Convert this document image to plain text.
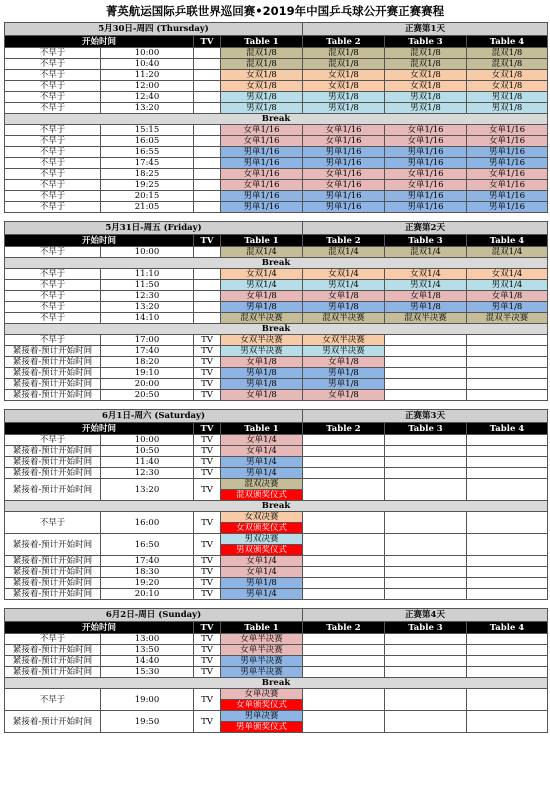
菁英航运国际乒联世界巡回赛•2019年中国乒乓球公开赛正赛赛程
5月30日-周四 (Thursday)				正赛第1天		
开始时间		TV	Table 1	Table 2	Table 3	Table 4
不早于	10:00		混双1/8	混双1/8	混双1/8	混双1/8
不早于	10:40		混双1/8	混双1/8	混双1/8	混双1/8
不早于	11:20		女双1/8	女双1/8	女双1/8	女双1/8
不早于	12:00		女双1/8	女双1/8	女双1/8	女双1/8
不早于	12:40		男双1/8	男双1/8	男双1/8	男双1/8
不早于	13:20		男双1/8	男双1/8	男双1/8	男双1/8
Break						
不早于	15:15		女单1/16	女单1/16	女单1/16	女单1/16
不早于	16:05		女单1/16	女单1/16	女单1/16	女单1/16
不早于	16:55		男单1/16	男单1/16	男单1/16	男单1/16
不早于	17:45		男单1/16	男单1/16	男单1/16	男单1/16
不早于	18:25		女单1/16	女单1/16	女单1/16	女单1/16
不早于	19:25		女单1/16	女单1/16	女单1/16	女单1/16
不早于	20:15		男单1/16	男单1/16	男单1/16	男单1/16
不早于	21:05		男单1/16	男单1/16	男单1/16	男单1/16

5月31日-周五 (Friday)				正赛第2天		
开始时间		TV	Table 1	Table 2	Table 3	Table 4
不早于	10:00		混双1/4	混双1/4	混双1/4	混双1/4
Break						
不早于	11:10		女双1/4	女双1/4	女双1/4	女双1/4
不早于	11:50		男双1/4	男双1/4	男双1/4	男双1/4
不早于	12:30		女单1/8	女单1/8	女单1/8	女单1/8
不早于	13:20		男单1/8	男单1/8	男单1/8	男单1/8
不早于	14:10		混双半决赛	混双半决赛	混双半决赛	混双半决赛
Break						
不早于	17:00	TV	女双半决赛	女双半决赛		
紧接着-预计开始时间	17:40	TV	男双半决赛	男双半决赛		
紧接着-预计开始时间	18:20	TV	女单1/8	女单1/8		
紧接着-预计开始时间	19:10	TV	男单1/8	男单1/8		
紧接着-预计开始时间	20:00	TV	男单1/8	男单1/8		
紧接着-预计开始时间	20:50	TV	女单1/8	女单1/8		

6月1日-周六 (Saturday)				正赛第3天		
开始时间		TV	Table 1	Table 2	Table 3	Table 4
不早于	10:00	TV	女单1/4			
紧接着-预计开始时间	10:50	TV	女单1/4			
紧接着-预计开始时间	11:40	TV	男单1/4			
紧接着-预计开始时间	12:30	TV	男单1/4			
紧接着-预计开始时间	13:20	TV	混双决赛			
			混双颁奖仪式			
Break						
不早于	16:00	TV	女双决赛			
			女双颁奖仪式			
紧接着-预计开始时间	16:50	TV	男双决赛			
			男双颁奖仪式			
紧接着-预计开始时间	17:40	TV	女单1/4			
紧接着-预计开始时间	18:30	TV	女单1/4			
紧接着-预计开始时间	19:20	TV	男单1/8			
紧接着-预计开始时间	20:10	TV	男单1/4			

6月2日-周日 (Sunday)				正赛第4天		
开始时间		TV	Table 1	Table 2	Table 3	Table 4
不早于	13:00	TV	女单半决赛			
紧接着-预计开始时间	13:50	TV	女单半决赛			
紧接着-预计开始时间	14:40	TV	男单半决赛			
紧接着-预计开始时间	15:30	TV	男单半决赛			
Break						
不早于	19:00	TV	女单决赛			
			女单颁奖仪式			
紧接着-预计开始时间	19:50	TV	男单决赛			
			男单颁奖仪式			
